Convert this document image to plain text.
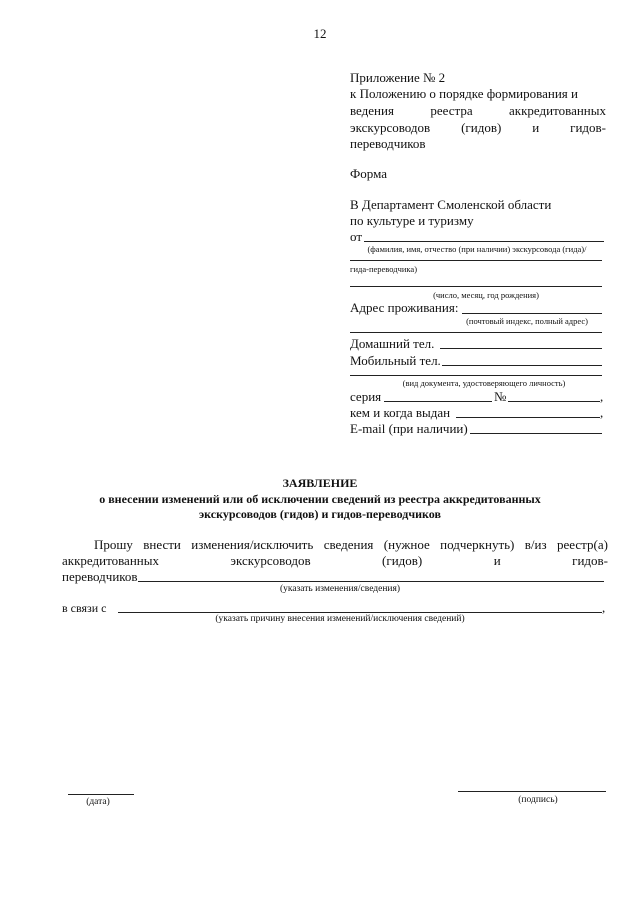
12
Приложение № 2
к Положению о порядке формирования и
ведения	реестра	аккредитованных
экскурсоводов (гидов) и гидов-
переводчиков
Форма
В Департамент Смоленской области
по культуре и туризму
от
(фамилия, имя, отчество (при наличии) экскурсовода (гида)/
гида-переводчика)
(число, месяц, год рождения)
Адрес проживания:
(почтовый индекс, полный адрес)
Домашний тел.
Мобильный тел.
(вид документа, удостоверяющего личность)
серия	№	,
кем и когда выдан	,
E-mail (при наличии)
ЗАЯВЛЕНИЕ
о внесении изменений или об исключении сведений из реестра аккредитованных
экскурсоводов (гидов) и гидов-переводчиков
Прошу внести изменения/исключить сведения (нужное подчеркнуть) в/из реестр(а)
аккредитованных	экскурсоводов	(гидов)	и	гидов-
переводчиков
(указать изменения/сведения)
в связи с	,
(указать причину внесения изменений/исключения сведений)
(дата)	(подпись)
